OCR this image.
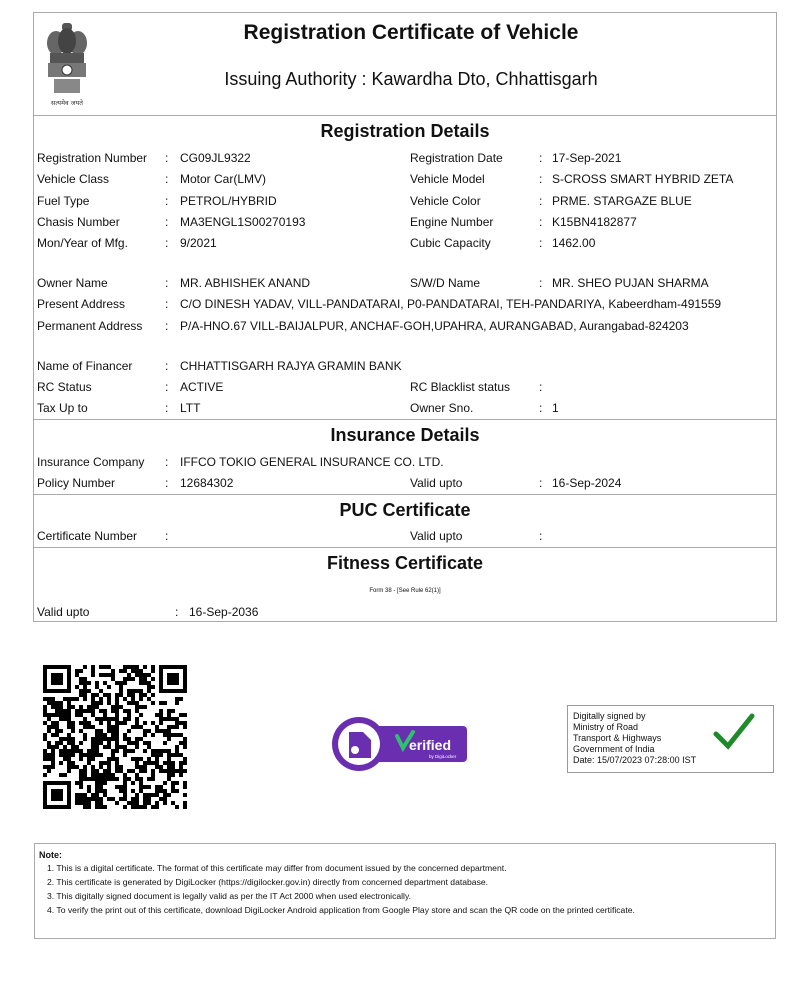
सत्यमेव जयते
Registration Certificate of Vehicle
Issuing Authority : Kawardha Dto, Chhattisgarh
Registration Details
Registration Number : CG09JL9322	Registration Date	: 17-Sep-2021
Vehicle Class	: Motor Car(LMV)	Vehicle Model	: S-CROSS SMART HYBRID ZETA
Fuel Type	: PETROL/HYBRID	Vehicle Color	: PRME. STARGAZE BLUE
Chasis Number	: MA3ENGL1S00270193	Engine Number	: K15BN4182877
Mon/Year of Mfg.	: 9/2021	Cubic Capacity	: 1462.00
Owner Name	: MR. ABHISHEK ANAND	S/W/D Name	: MR. SHEO PUJAN SHARMA
Present Address	: C/O DINESH YADAV, VILL-PANDATARAI, P0-PANDATARAI, TEH-PANDARIYA, Kabeerdham-491559
Permanent Address : P/A-HNO.67 VILL-BAIJALPUR, ANCHAF-GOH,UPAHRA, AURANGABAD, Aurangabad-824203
Name of Financer	: CHHATTISGARH RAJYA GRAMIN BANK
RC Status	: ACTIVE	RC Blacklist status :
Tax Up to	: LTT	Owner Sno.	: 1
Insurance Details
Insurance Company : IFFCO TOKIO GENERAL INSURANCE CO. LTD.
Policy Number	: 12684302	Valid upto	: 16-Sep-2024
PUC Certificate
Certificate Number :	Valid upto	:
Fitness Certificate
Form 38 - [See Rule 62(1)]
Valid upto	: 16-Sep-2036
erified
by DigiLocker
Digitally signed by
Ministry of Road
Transport & Highways
Government of India
Date: 15/07/2023 07:28:00 IST
Note:
1. This is a digital certificate. The format of this certificate may differ from document issued by the concerned department.
2. This certificate is generated by DigiLocker (https://digilocker.gov.in) directly from concerned department database.
3. This digitally signed document is legally valid as per the IT Act 2000 when used electronically.
4. To verify the print out of this certificate, download DigiLocker Android application from Google Play store and scan the QR code on the printed certificate.
